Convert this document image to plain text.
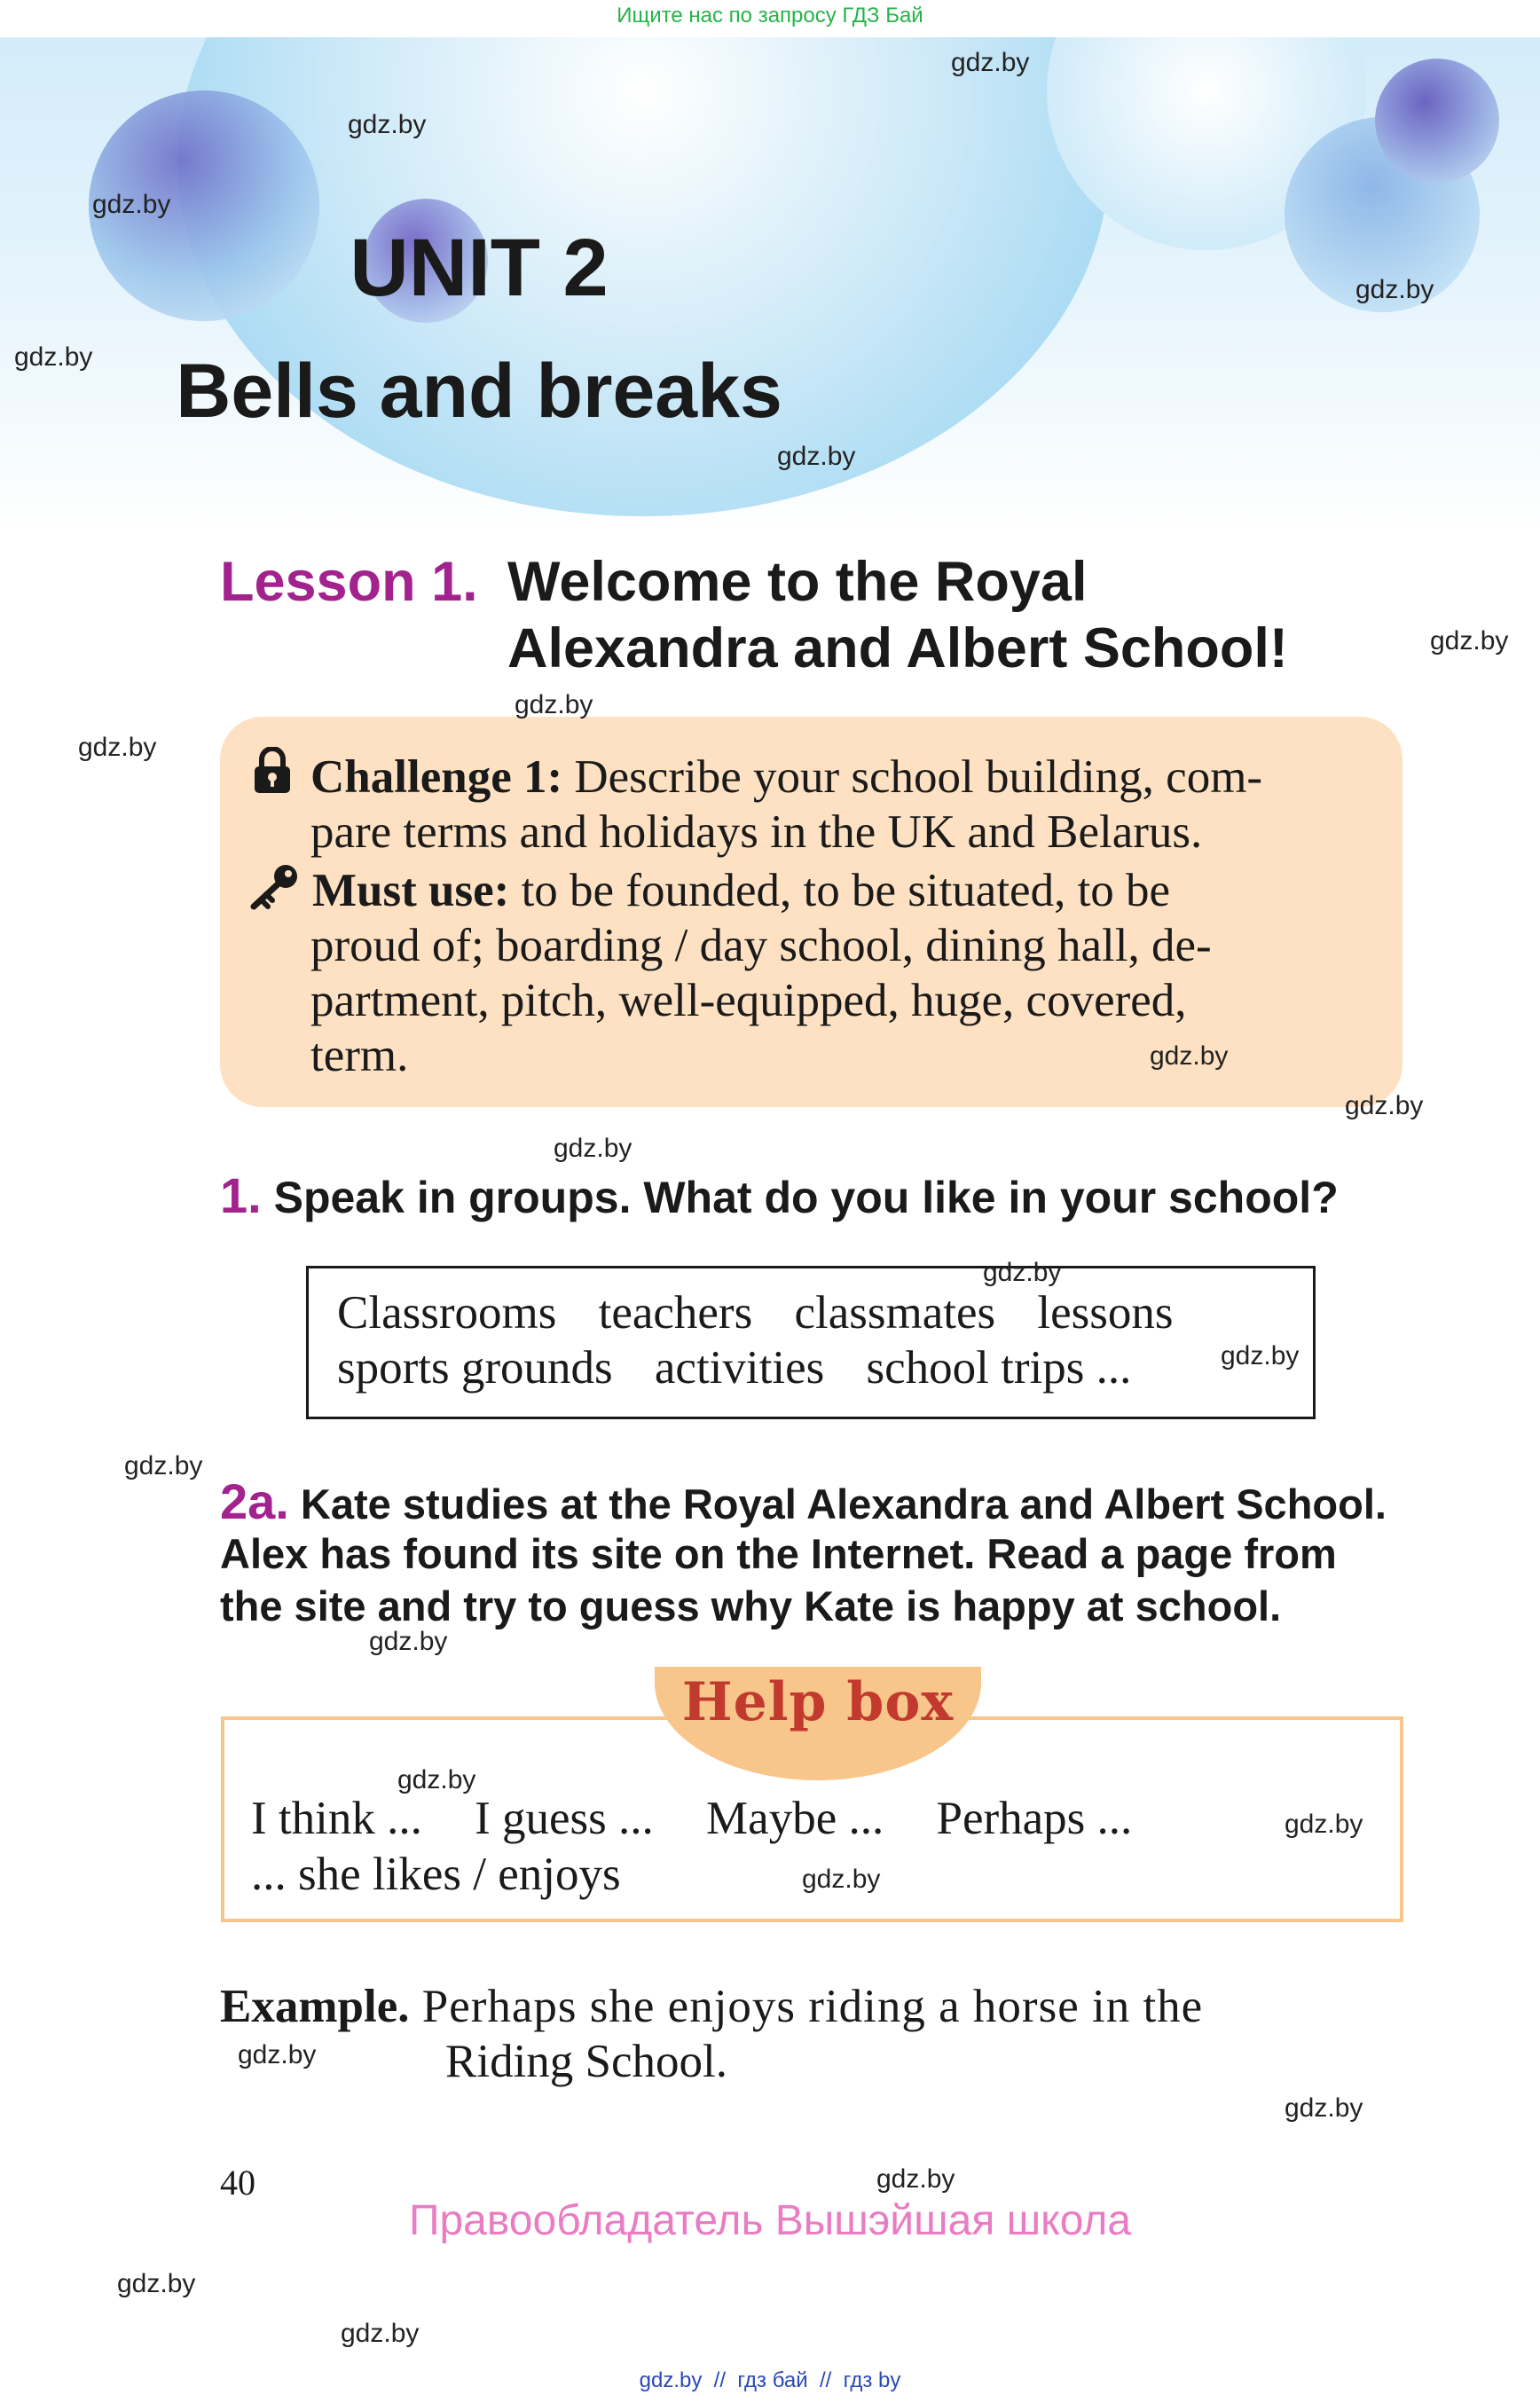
Ищите нас по запросу ГДЗ Бай
UNIT 2
Bells and breaks
Lesson 1. Welcome to the Royal
Alexandra and Albert School!
Challenge 1: Describe your school building, com-
pare terms and holidays in the UK and Belarus.
Must use: to be founded, to be situated, to be
proud of; boarding / day school, dining hall, de-
partment, pitch, well-equipped, huge, covered,
term.
1. Speak in groups. What do you like in your school?
Classrooms teachers classmates lessons
sports grounds activities school trips ...
2a. Kate studies at the Royal Alexandra and Albert School.
Alex has found its site on the Internet. Read a page from
the site and try to guess why Kate is happy at school.
Help box
I think ... I guess ... Maybe ... Perhaps ...
... she likes / enjoys
Example. Perhaps she enjoys riding a horse in the
Riding School.
40
Правообладатель Вышэйшая школа
gdz.by  //  гдз бай  //  гдз by
gdz.by
gdz.by
gdz.by
gdz.by
gdz.by
gdz.by
gdz.by
gdz.by
gdz.by
gdz.by
gdz.by
gdz.by
gdz.by
gdz.by
gdz.by
gdz.by
gdz.by
gdz.by
gdz.by
gdz.by
gdz.by
gdz.by
gdz.by
gdz.by
